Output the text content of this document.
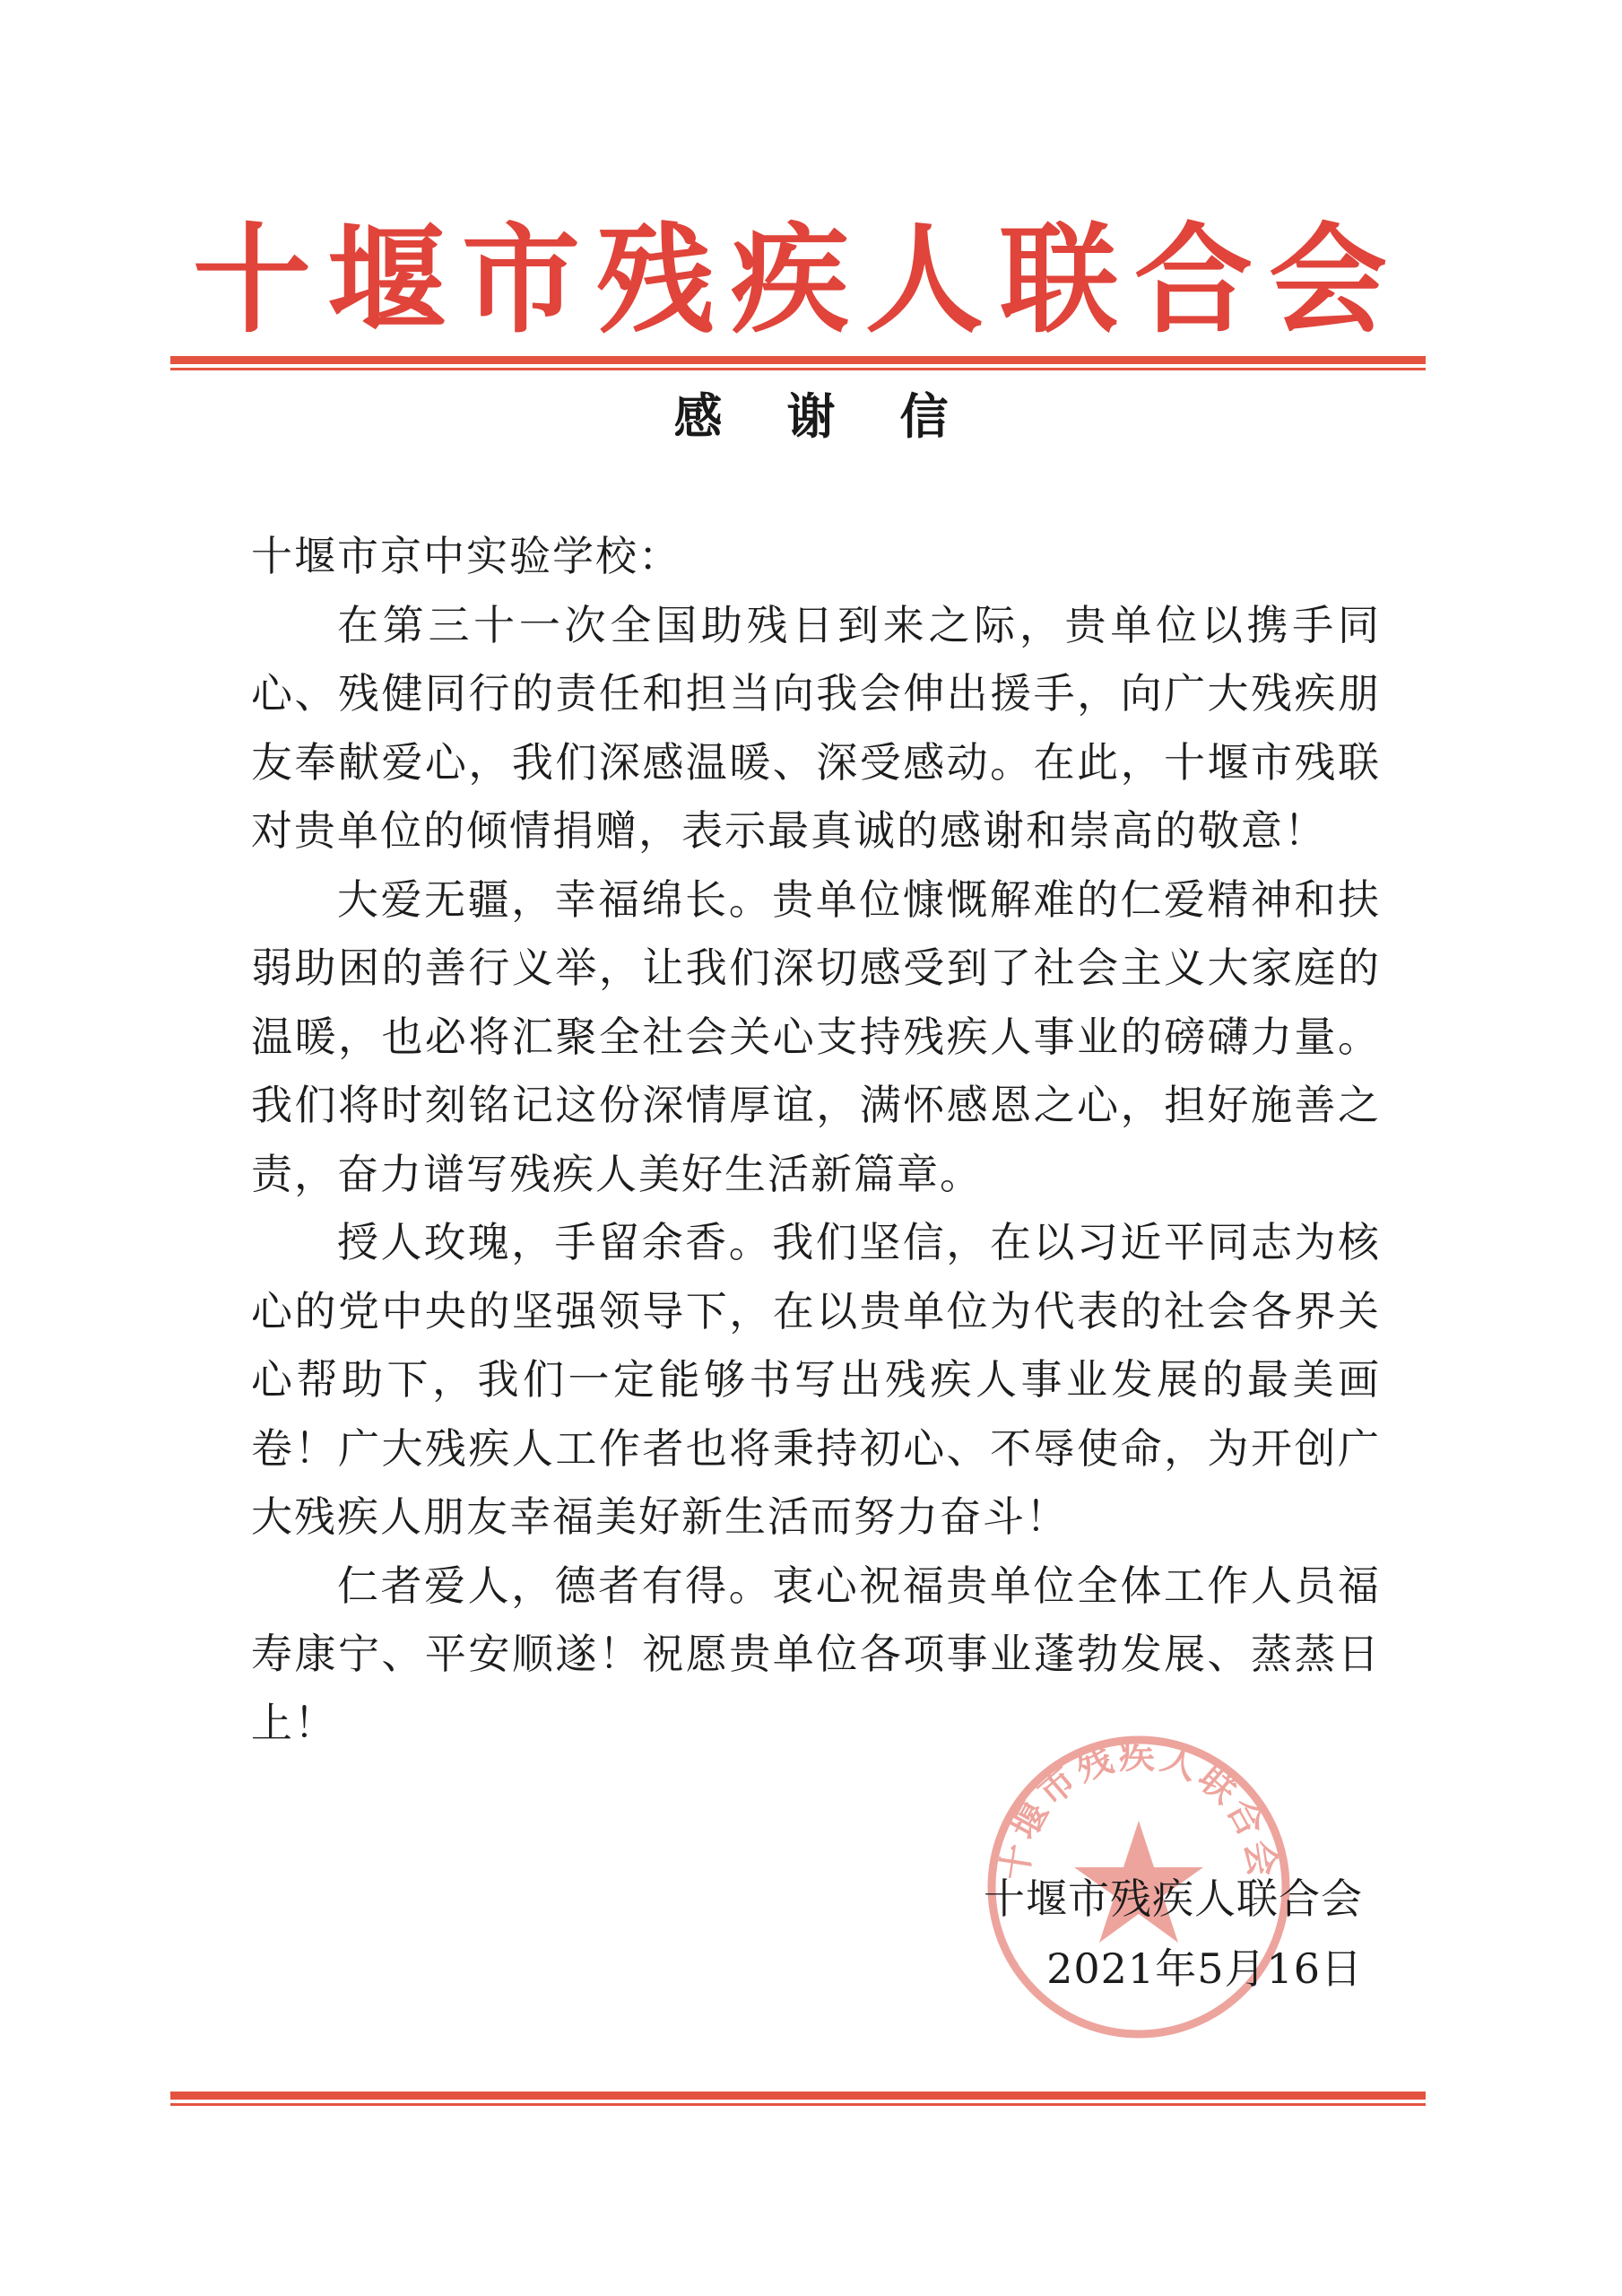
十堰市残疾人联合会
感谢信

十堰市京中实验学校：

在第三十一次全国助残日到来之际，贵单位以携手同心、残健同行的责任和担当向我会伸出援手，向广大残疾朋友奉献爱心，我们深感温暖、深受感动。在此，十堰市残联对贵单位的倾情捐赠，表示最真诚的感谢和崇高的敬意！

大爱无疆，幸福绵长。贵单位慷慨解难的仁爱精神和扶弱助困的善行义举，让我们深切感受到了社会主义大家庭的温暖，也必将汇聚全社会关心支持残疾人事业的磅礴力量。我们将时刻铭记这份深情厚谊，满怀感恩之心，担好施善之责，奋力谱写残疾人美好生活新篇章。

授人玫瑰，手留余香。我们坚信，在以习近平同志为核心的党中央的坚强领导下，在以贵单位为代表的社会各界关心帮助下，我们一定能够书写出残疾人事业发展的最美画卷！广大残疾人工作者也将秉持初心、不辱使命，为开创广大残疾人朋友幸福美好新生活而努力奋斗！

仁者爱人，德者有得。衷心祝福贵单位全体工作人员福寿康宁、平安顺遂！祝愿贵单位各项事业蓬勃发展、蒸蒸日上！

十堰市残疾人联合会
十堰市残疾人联合会
2021年5月16日
